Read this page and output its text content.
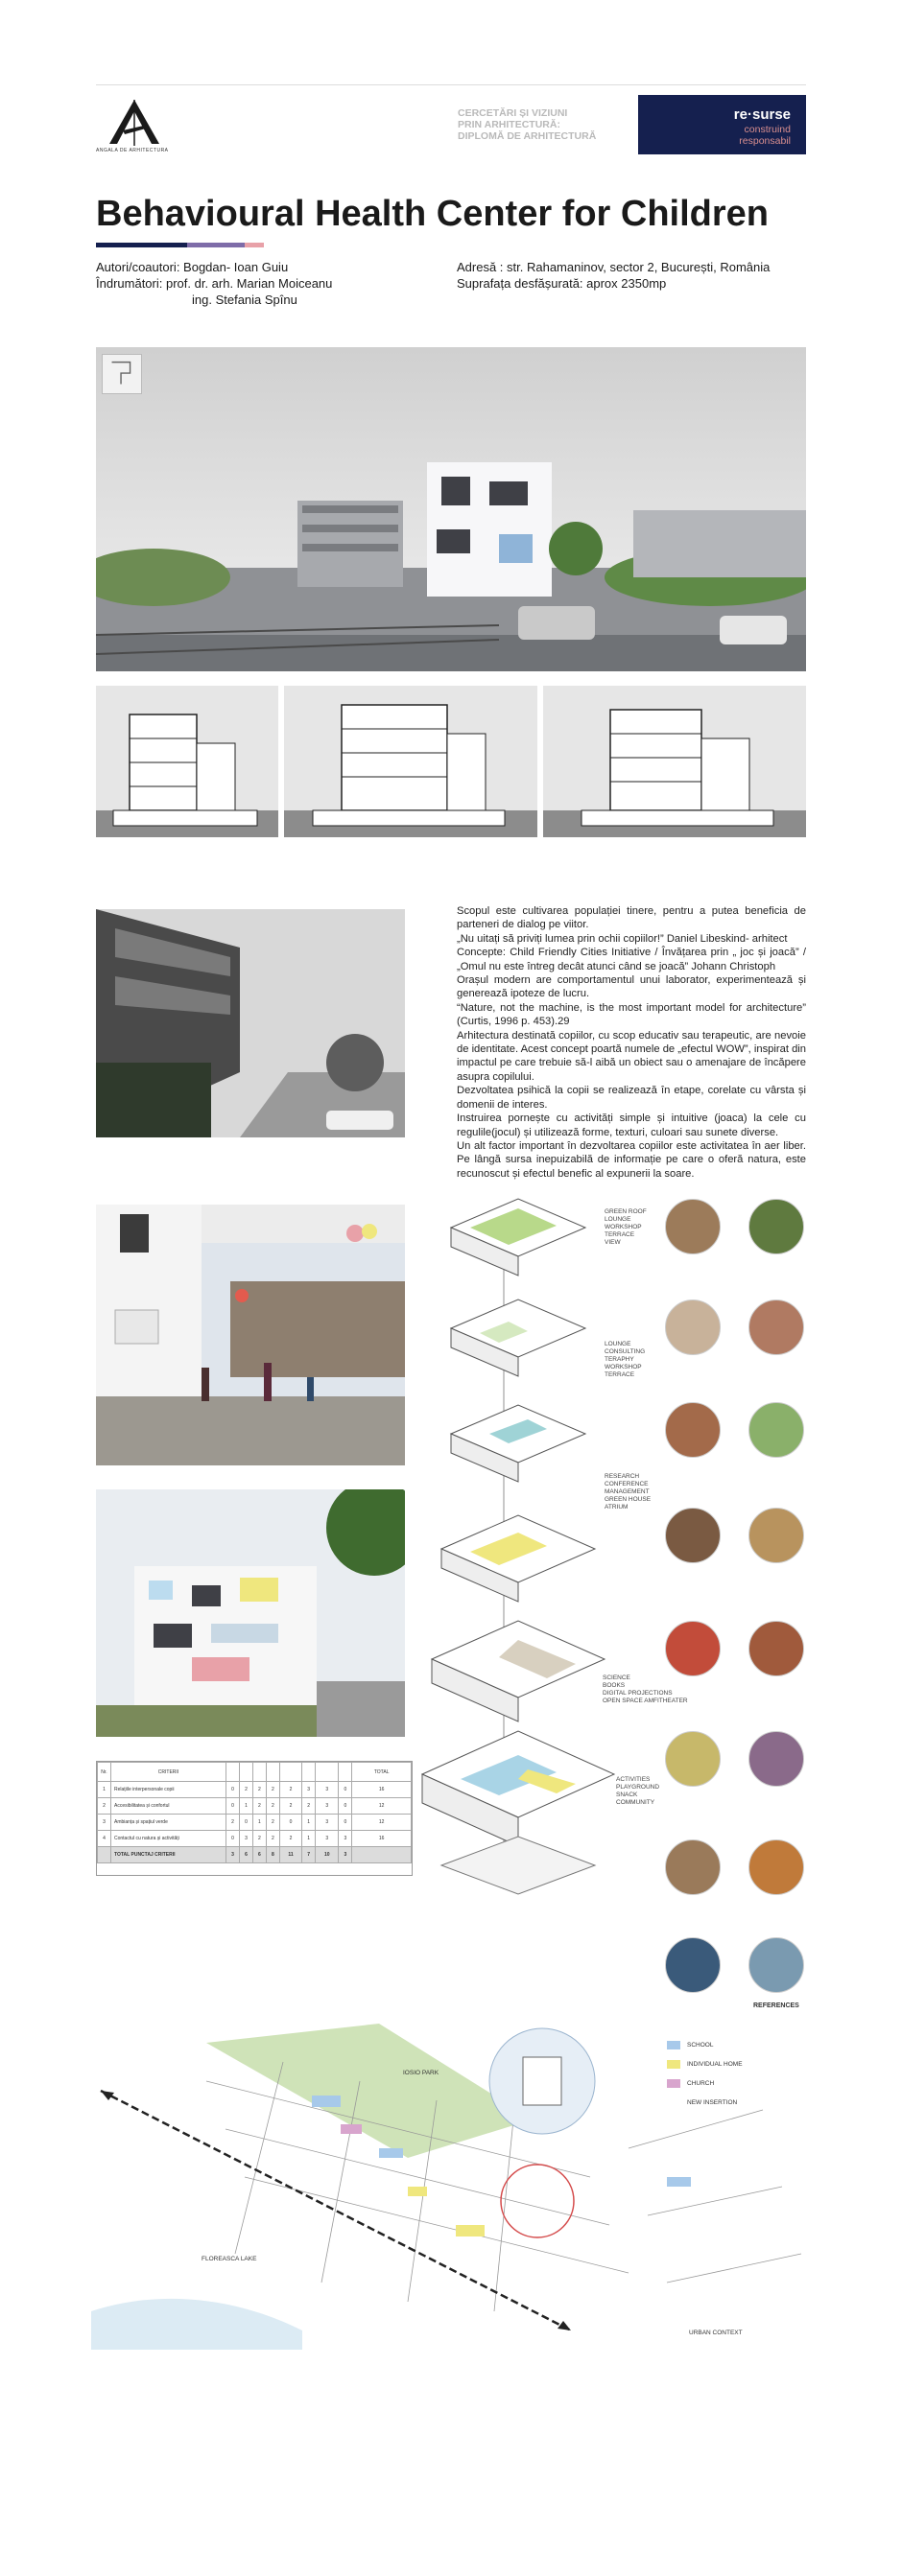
ANGALA DE ARHITECTURA
CERCETĂRI ȘI VIZIUNI
PRIN ARHITECTURĂ:
DIPLOMĂ DE ARHITECTURĂ
re·surse
construind
responsabil
Behavioural Health Center for Children
Autori/coautori: Bogdan- Ioan Guiu
Îndrumători: prof. dr. arh. Marian Moiceanu
ing. Stefania Spînu
Adresă : str. Rahamaninov, sector 2, București, România
Suprafața desfășurată: aprox 2350mp

Scopul este cultivarea populației tinere, pentru a putea beneficia de parteneri de dialog pe viitor.

„Nu uitați să priviți lumea prin ochii copiilor!” Daniel Libeskind- arhitect

Concepte: Child Friendly Cities Initiative / Învățarea prin „ joc și joacă” / „Omul nu este întreg decât atunci când se joacă” Johann Christoph

Orașul modern are comportamentul unui laborator, experimentează și generează ipoteze de lucru.

“Nature, not the machine, is the most important model for architecture” (Curtis, 1996 p. 453).29

Arhitectura destinată copiilor, cu scop educativ sau terapeutic, are nevoie de identitate. Acest concept poartă numele de „efectul WOW”, inspirat din impactul pe care trebuie să-l aibă un obiect sau o amenajare de încăpere asupra copilului.

Dezvoltatea psihică la copii se realizează în etape, corelate cu vârsta și domenii de interes.

Instruirea pornește cu activități simple și intuitive (joaca) la cele cu regulile(jocul) și utilizează forme, texturi, culoari sau sunete diverse.

Un alt factor important în dezvoltarea copiilor este activitatea în aer liber. Pe lângă sursa inepuizabilă de informație pe care o oferă natura, este recunoscut și efectul benefic al expunerii la soare.

GREEN ROOF
LOUNGE
WORKSHOP
TERRACE
VIEW
LOUNGE
CONSULTING
TERAPHY
WORKSHOP
TERRACE
RESEARCH
CONFERENCE
MANAGEMENT
GREEN HOUSE
ATRIUM
SCIENCE
BOOKS
DIGITAL PROJECTIONS
OPEN SPACE AMFITHEATER
ACTIVITIES
PLAYGROUND
SNACK
COMMUNITY
REFERENCES
Nr.	CRITERII									TOTAL
1	Relațiile interpersonale copii	0	2	2	2	2	3	3	0	16
2	Accesibilitatea și confortul	0	1	2	2	2	2	3	0	12
3	Ambianța și spațiul verde	2	0	1	2	0	1	3	0	12
4	Contactul cu natura și activități	0	3	2	2	2	1	3	3	16
	TOTAL PUNCTAJ CRITERII	3	6	6	8	11	7	10	3	
SCHOOL
INDIVIDUAL HOME
CHURCH
NEW INSERTION
IOSIO PARK
FLOREASCA LAKE
URBAN CONTEXT
